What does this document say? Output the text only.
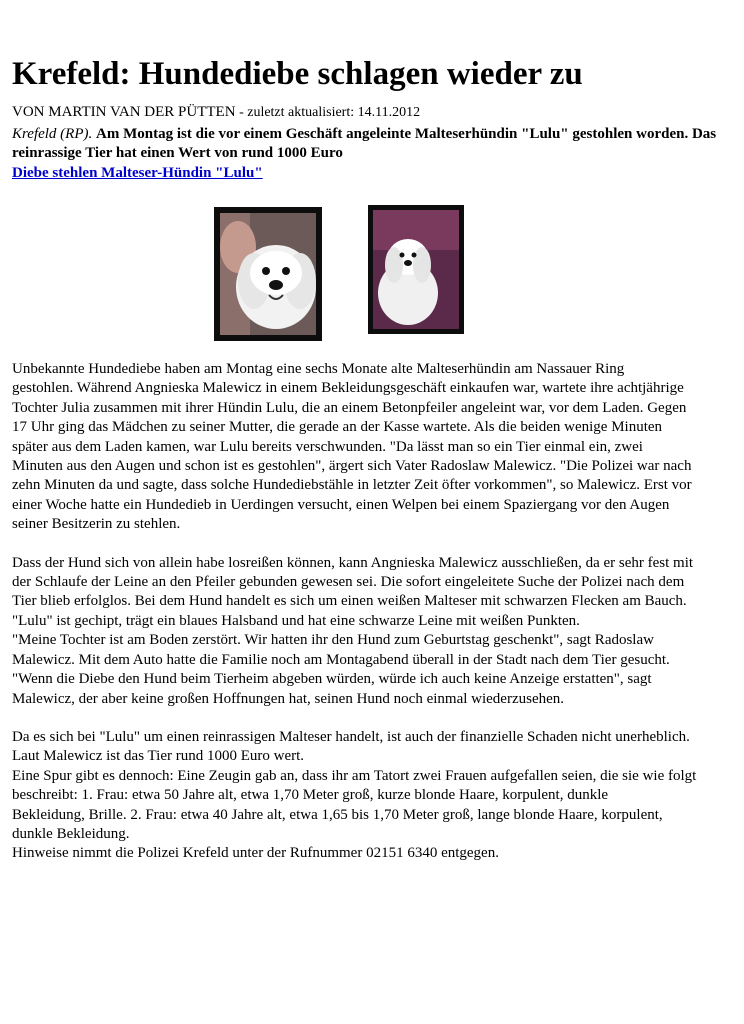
Krefeld: Hundediebe schlagen wieder zu
VON MARTIN VAN DER PÜTTEN - zuletzt aktualisiert: 14.11.2012
Krefeld (RP). Am Montag ist die vor einem Geschäft angeleinte Malteserhündin "Lulu" gestohlen worden. Das reinrassige Tier hat einen Wert von rund 1000 Euro
Diebe stehlen Malteser-Hündin "Lulu"

Unbekannte Hundediebe haben am Montag eine sechs Monate alte Malteserhündin am Nassauer Ring
gestohlen. Während Angnieska Malewicz in einem Bekleidungsgeschäft einkaufen war, wartete ihre achtjährige
Tochter Julia zusammen mit ihrer Hündin Lulu, die an einem Betonpfeiler angeleint war, vor dem Laden. Gegen
17 Uhr ging das Mädchen zu seiner Mutter, die gerade an der Kasse wartete. Als die beiden wenige Minuten
später aus dem Laden kamen, war Lulu bereits verschwunden. "Da lässt man so ein Tier einmal ein, zwei
Minuten aus den Augen und schon ist es gestohlen", ärgert sich Vater Radoslaw Malewicz. "Die Polizei war nach
zehn Minuten da und sagte, dass solche Hundediebstähle in letzter Zeit öfter vorkommen", so Malewicz. Erst vor
einer Woche hatte ein Hundedieb in Uerdingen versucht, einen Welpen bei einem Spaziergang vor den Augen
seiner Besitzerin zu stehlen.

Dass der Hund sich von allein habe losreißen können, kann Angnieska Malewicz ausschließen, da er sehr fest mit
der Schlaufe der Leine an den Pfeiler gebunden gewesen sei. Die sofort eingeleitete Suche der Polizei nach dem
Tier blieb erfolglos. Bei dem Hund handelt es sich um einen weißen Malteser mit schwarzen Flecken am Bauch.
"Lulu" ist gechipt, trägt ein blaues Halsband und hat eine schwarze Leine mit weißen Punkten.
"Meine Tochter ist am Boden zerstört. Wir hatten ihr den Hund zum Geburtstag geschenkt", sagt Radoslaw
Malewicz. Mit dem Auto hatte die Familie noch am Montagabend überall in der Stadt nach dem Tier gesucht.
"Wenn die Diebe den Hund beim Tierheim abgeben würden, würde ich auch keine Anzeige erstatten", sagt
Malewicz, der aber keine großen Hoffnungen hat, seinen Hund noch einmal wiederzusehen.

Da es sich bei "Lulu" um einen reinrassigen Malteser handelt, ist auch der finanzielle Schaden nicht unerheblich.
Laut Malewicz ist das Tier rund 1000 Euro wert.
Eine Spur gibt es dennoch: Eine Zeugin gab an, dass ihr am Tatort zwei Frauen aufgefallen seien, die sie wie folgt
beschreibt: 1. Frau: etwa 50 Jahre alt, etwa 1,70 Meter groß, kurze blonde Haare, korpulent, dunkle
Bekleidung, Brille. 2. Frau: etwa 40 Jahre alt, etwa 1,65 bis 1,70 Meter groß, lange blonde Haare, korpulent,
dunkle Bekleidung.
Hinweise nimmt die Polizei Krefeld unter der Rufnummer 02151 6340 entgegen.
